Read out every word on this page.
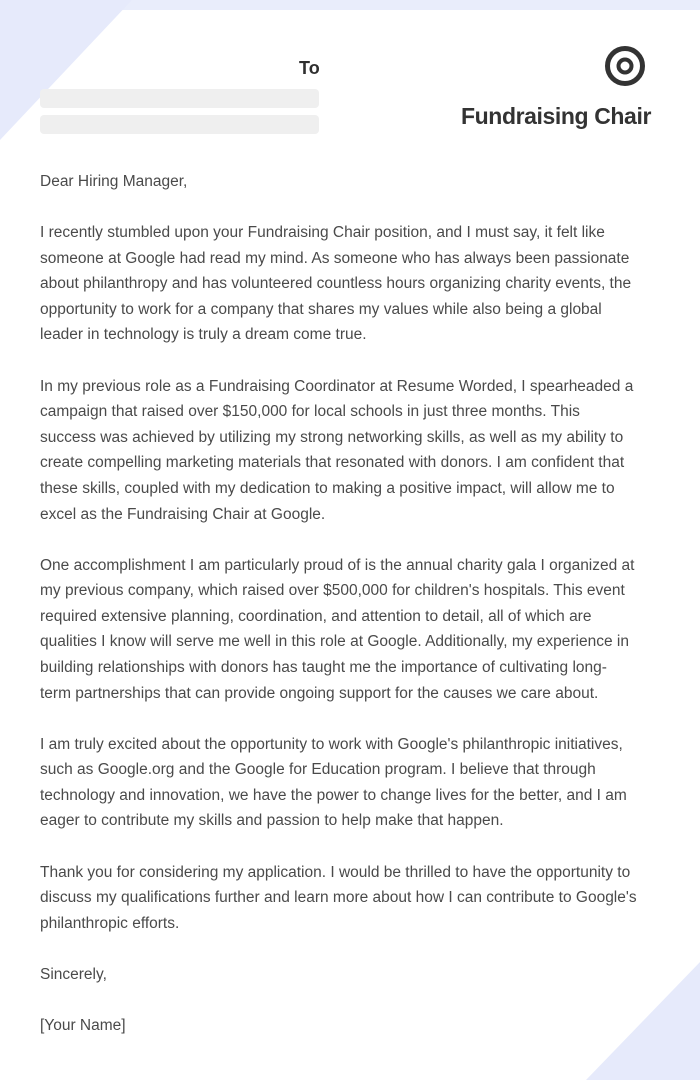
To
Fundraising Chair

Dear Hiring Manager,

I recently stumbled upon your Fundraising Chair position, and I must say, it felt like
someone at Google had read my mind. As someone who has always been passionate
about philanthropy and has volunteered countless hours organizing charity events, the
opportunity to work for a company that shares my values while also being a global
leader in technology is truly a dream come true.

In my previous role as a Fundraising Coordinator at Resume Worded, I spearheaded a
campaign that raised over $150,000 for local schools in just three months. This
success was achieved by utilizing my strong networking skills, as well as my ability to
create compelling marketing materials that resonated with donors. I am confident that
these skills, coupled with my dedication to making a positive impact, will allow me to
excel as the Fundraising Chair at Google.

One accomplishment I am particularly proud of is the annual charity gala I organized at
my previous company, which raised over $500,000 for children's hospitals. This event
required extensive planning, coordination, and attention to detail, all of which are
qualities I know will serve me well in this role at Google. Additionally, my experience in
building relationships with donors has taught me the importance of cultivating long-
term partnerships that can provide ongoing support for the causes we care about.

I am truly excited about the opportunity to work with Google's philanthropic initiatives,
such as Google.org and the Google for Education program. I believe that through
technology and innovation, we have the power to change lives for the better, and I am
eager to contribute my skills and passion to help make that happen.

Thank you for considering my application. I would be thrilled to have the opportunity to
discuss my qualifications further and learn more about how I can contribute to Google's
philanthropic efforts.

Sincerely,

[Your Name]
